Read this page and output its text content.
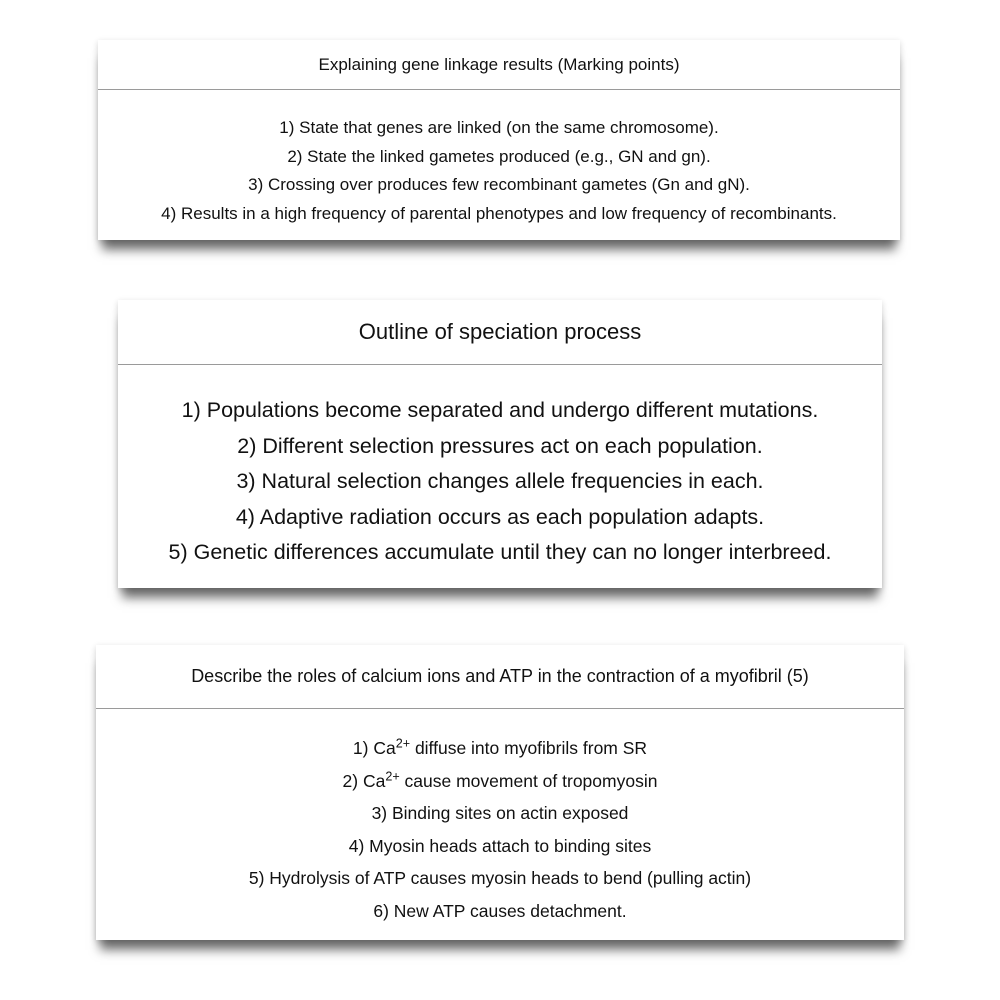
Explaining gene linkage results (Marking points)
1) State that genes are linked (on the same chromosome).
2) State the linked gametes produced (e.g., GN and gn).
3) Crossing over produces few recombinant gametes (Gn and gN).
4) Results in a high frequency of parental phenotypes and low frequency of recombinants.
Outline of speciation process
1) Populations become separated and undergo different mutations.
2) Different selection pressures act on each population.
3) Natural selection changes allele frequencies in each.
4) Adaptive radiation occurs as each population adapts.
5) Genetic differences accumulate until they can no longer interbreed.
Describe the roles of calcium ions and ATP in the contraction of a myofibril (5)
1) $Ca^{2+}$ diffuse into myofibrils from SR
2) $Ca^{2+}$ cause movement of tropomyosin
3) Binding sites on actin exposed
4) Myosin heads attach to binding sites
5) Hydrolysis of ATP causes myosin heads to bend (pulling actin)
6) New ATP causes detachment.
